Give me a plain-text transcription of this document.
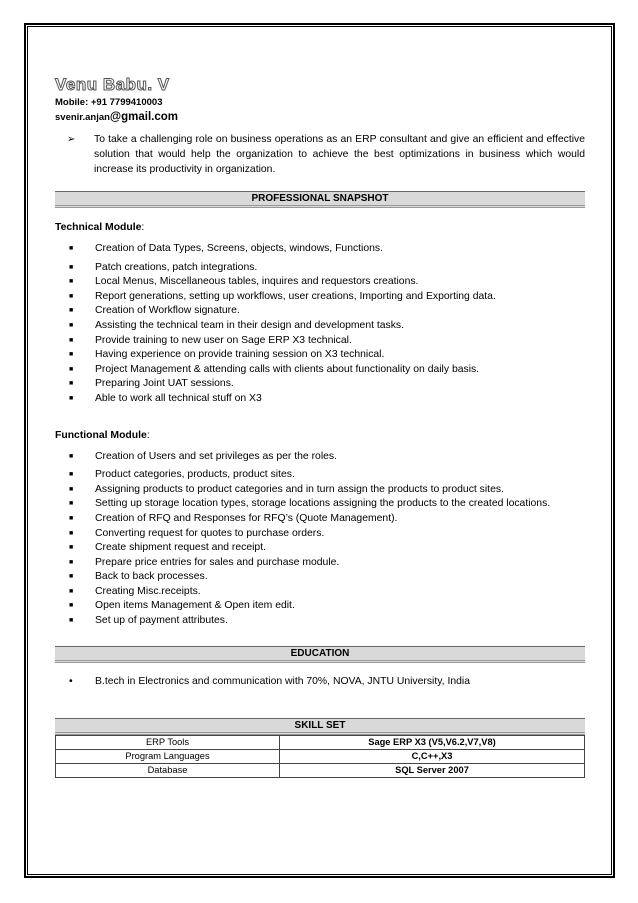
Venu Babu. V
Mobile: +91 7799410003
svenir.anjan@gmail.com
➢	To take a challenging role on business operations as an ERP consultant and give an efficient and effective solution that would help the organization to achieve the best optimizations in business which would increase its productivity in organization.
PROFESSIONAL SNAPSHOT
Technical Module:
■	Creation of Data Types, Screens, objects, windows, Functions.
■	Patch creations, patch integrations.
■	Local Menus, Miscellaneous tables, inquires and requestors creations.
■	Report generations, setting up workflows, user creations, Importing and Exporting data.
■	Creation of Workflow signature.
■	Assisting the technical team in their design and development tasks.
■	Provide training to new user on Sage ERP X3 technical.
■	Having experience on provide training session on X3 technical.
■	Project Management & attending calls with clients about functionality on daily basis.
■	Preparing Joint UAT sessions.
■	Able to work all technical stuff on X3
Functional Module:
■	Creation of Users and set privileges as per the roles.
■	Product categories, products, product sites.
■	Assigning products to product categories and in turn assign the products to product sites.
■	Setting up storage location types, storage locations assigning the products to the created locations.
■	Creation of RFQ and Responses for RFQ’s (Quote Management).
■	Converting request for quotes to purchase orders.
■	Create shipment request and receipt.
■	Prepare price entries for sales and purchase module.
■	Back to back processes.
■	Creating Misc.receipts.
■	Open items Management & Open item edit.
■	Set up of payment attributes.
EDUCATION
•	B.tech in Electronics and communication with 70%, NOVA, JNTU University, India
SKILL SET
ERP Tools	Sage ERP X3 (V5,V6.2,V7,V8)
Program Languages	C,C++,X3
Database	SQL Server 2007
